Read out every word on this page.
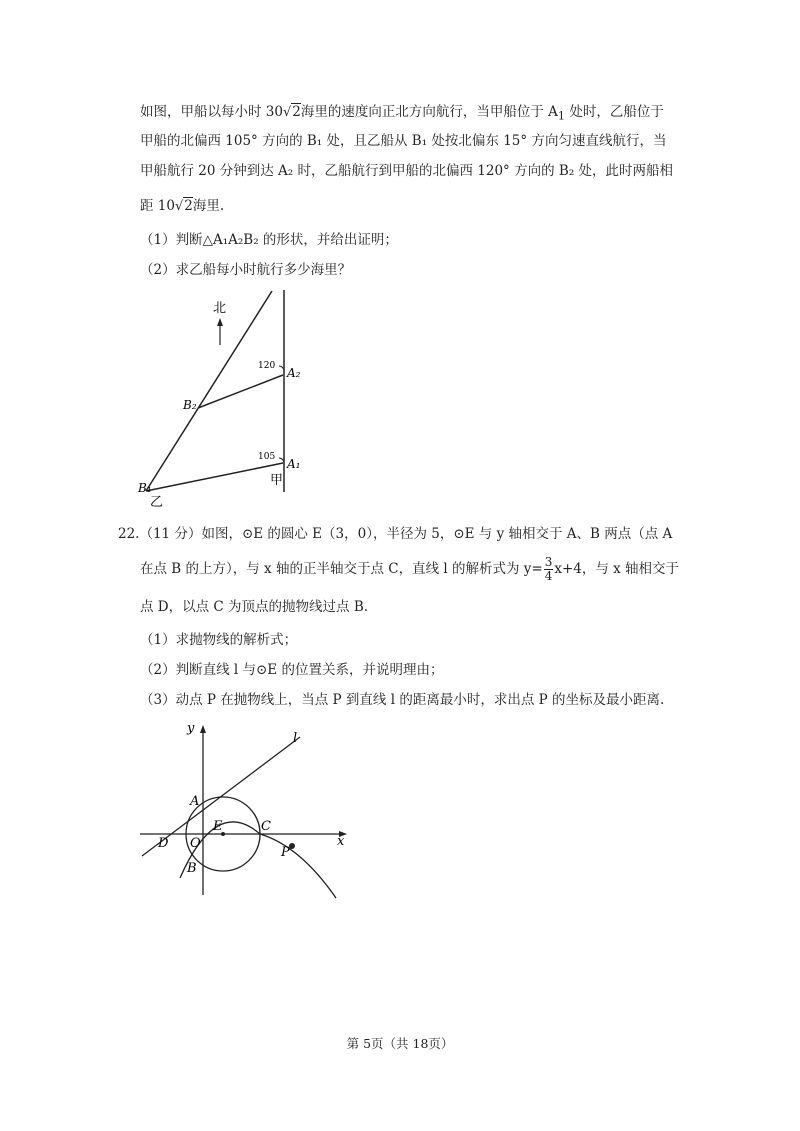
如图，甲船以每小时 30√2海里的速度向正北方向航行，当甲船位于 $A_1$ 处时，乙船位于
甲船的北偏西 105° 方向的 B₁ 处，且乙船从 B₁ 处按北偏东 15° 方向匀速直线航行，当
甲船航行 20 分钟到达 A₂ 时，乙船航行到甲船的北偏西 120° 方向的 B₂ 处，此时两船相
距 10√2海里.
（1）判断△A₁A₂B₂ 的形状，并给出证明；
（2）求乙船每小时航行多少海里？
北
120 A₂
B₂
105 A₁
甲
B₁
乙
22.（11 分）如图，⊙E 的圆心 E（3，0），半径为 5，⊙E 与 y 轴相交于 A、B 两点（点 A
在点 B 的上方），与 x 轴的正半轴交于点 C，直线 l 的解析式为 $y= \frac{3}{4} x+4$，与 x 轴相交于
点 D，以点 C 为顶点的抛物线过点 B.
（1）求抛物线的解析式；
（2）判断直线 l 与⊙E 的位置关系，并说明理由；
（3）动点 P 在抛物线上，当点 P 到直线 l 的距离最小时，求出点 P 的坐标及最小距离.
y
l
A
E	C
D O	x
P
B
第 5页（共 18页）
